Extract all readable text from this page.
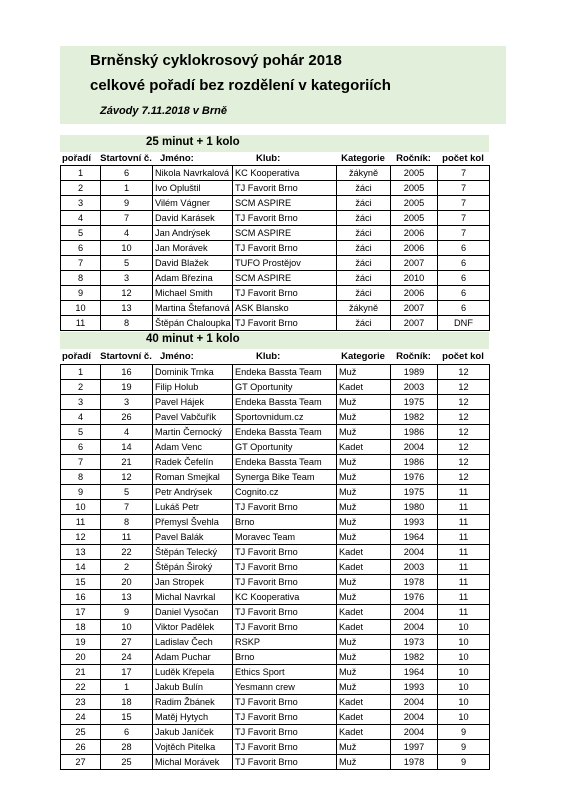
Brněnský cyklokrosový pohár 2018
celkové pořadí bez rozdělení v kategoriích
Závody 7.11.2018 v Brně
25 minut + 1 kolo
pořadí	Startovní č.	Jméno:	Klub:	Kategorie	Ročník:	počet kol
1	6	Nikola Navrkalová	KC Kooperativa	žákyně	2005	7
2	1	Ivo Opluštil	TJ Favorit Brno	žáci	2005	7
3	9	Vilém Vágner	SCM ASPIRE	žáci	2005	7
4	7	David Karásek	TJ Favorit Brno	žáci	2005	7
5	4	Jan Andrýsek	SCM ASPIRE	žáci	2006	7
6	10	Jan Morávek	TJ Favorit Brno	žáci	2006	6
7	5	David Blažek	TUFO Prostějov	žáci	2007	6
8	3	Adam Březina	SCM ASPIRE	žáci	2010	6
9	12	Michael Smith	TJ Favorit Brno	žáci	2006	6
10	13	Martina Štefanová	ASK Blansko	žákyně	2007	6
11	8	Štěpán Chaloupka	TJ Favorit Brno	žáci	2007	DNF
40 minut + 1 kolo
pořadí	Startovní č.	Jméno:	Klub:	Kategorie	Ročník:	počet kol
1	16	Dominik Trnka	Endeka Bassta Team	Muž	1989	12
2	19	Filip Holub	GT Oportunity	Kadet	2003	12
3	3	Pavel Hájek	Endeka Bassta Team	Muž	1975	12
4	26	Pavel Vabčuřík	Sportovnidum.cz	Muž	1982	12
5	4	Martin Černocký	Endeka Bassta Team	Muž	1986	12
6	14	Adam Venc	GT Oportunity	Kadet	2004	12
7	21	Radek Čefelín	Endeka Bassta Team	Muž	1986	12
8	12	Roman Smejkal	Synerga Bike Team	Muž	1976	12
9	5	Petr Andrýsek	Cognito.cz	Muž	1975	11
10	7	Lukáš Petr	TJ Favorit Brno	Muž	1980	11
11	8	Přemysl Švehla	Brno	Muž	1993	11
12	11	Pavel Balák	Moravec Team	Muž	1964	11
13	22	Štěpán Telecký	TJ Favorit Brno	Kadet	2004	11
14	2	Štěpán Široký	TJ Favorit Brno	Kadet	2003	11
15	20	Jan Stropek	TJ Favorit Brno	Muž	1978	11
16	13	Michal Navrkal	KC Kooperativa	Muž	1976	11
17	9	Daniel Vysočan	TJ Favorit Brno	Kadet	2004	11
18	10	Viktor Padělek	TJ Favorit Brno	Kadet	2004	10
19	27	Ladislav Čech	RSKP	Muž	1973	10
20	24	Adam Puchar	Brno	Muž	1982	10
21	17	Luděk Křepela	Ethics Sport	Muž	1964	10
22	1	Jakub Bulín	Yesmann crew	Muž	1993	10
23	18	Radim Žbánek	TJ Favorit Brno	Kadet	2004	10
24	15	Matěj Hytych	TJ Favorit Brno	Kadet	2004	10
25	6	Jakub Janíček	TJ Favorit Brno	Kadet	2004	9
26	28	Vojtěch Pitelka	TJ Favorit Brno	Muž	1997	9
27	25	Michal Morávek	TJ Favorit Brno	Muž	1978	9
